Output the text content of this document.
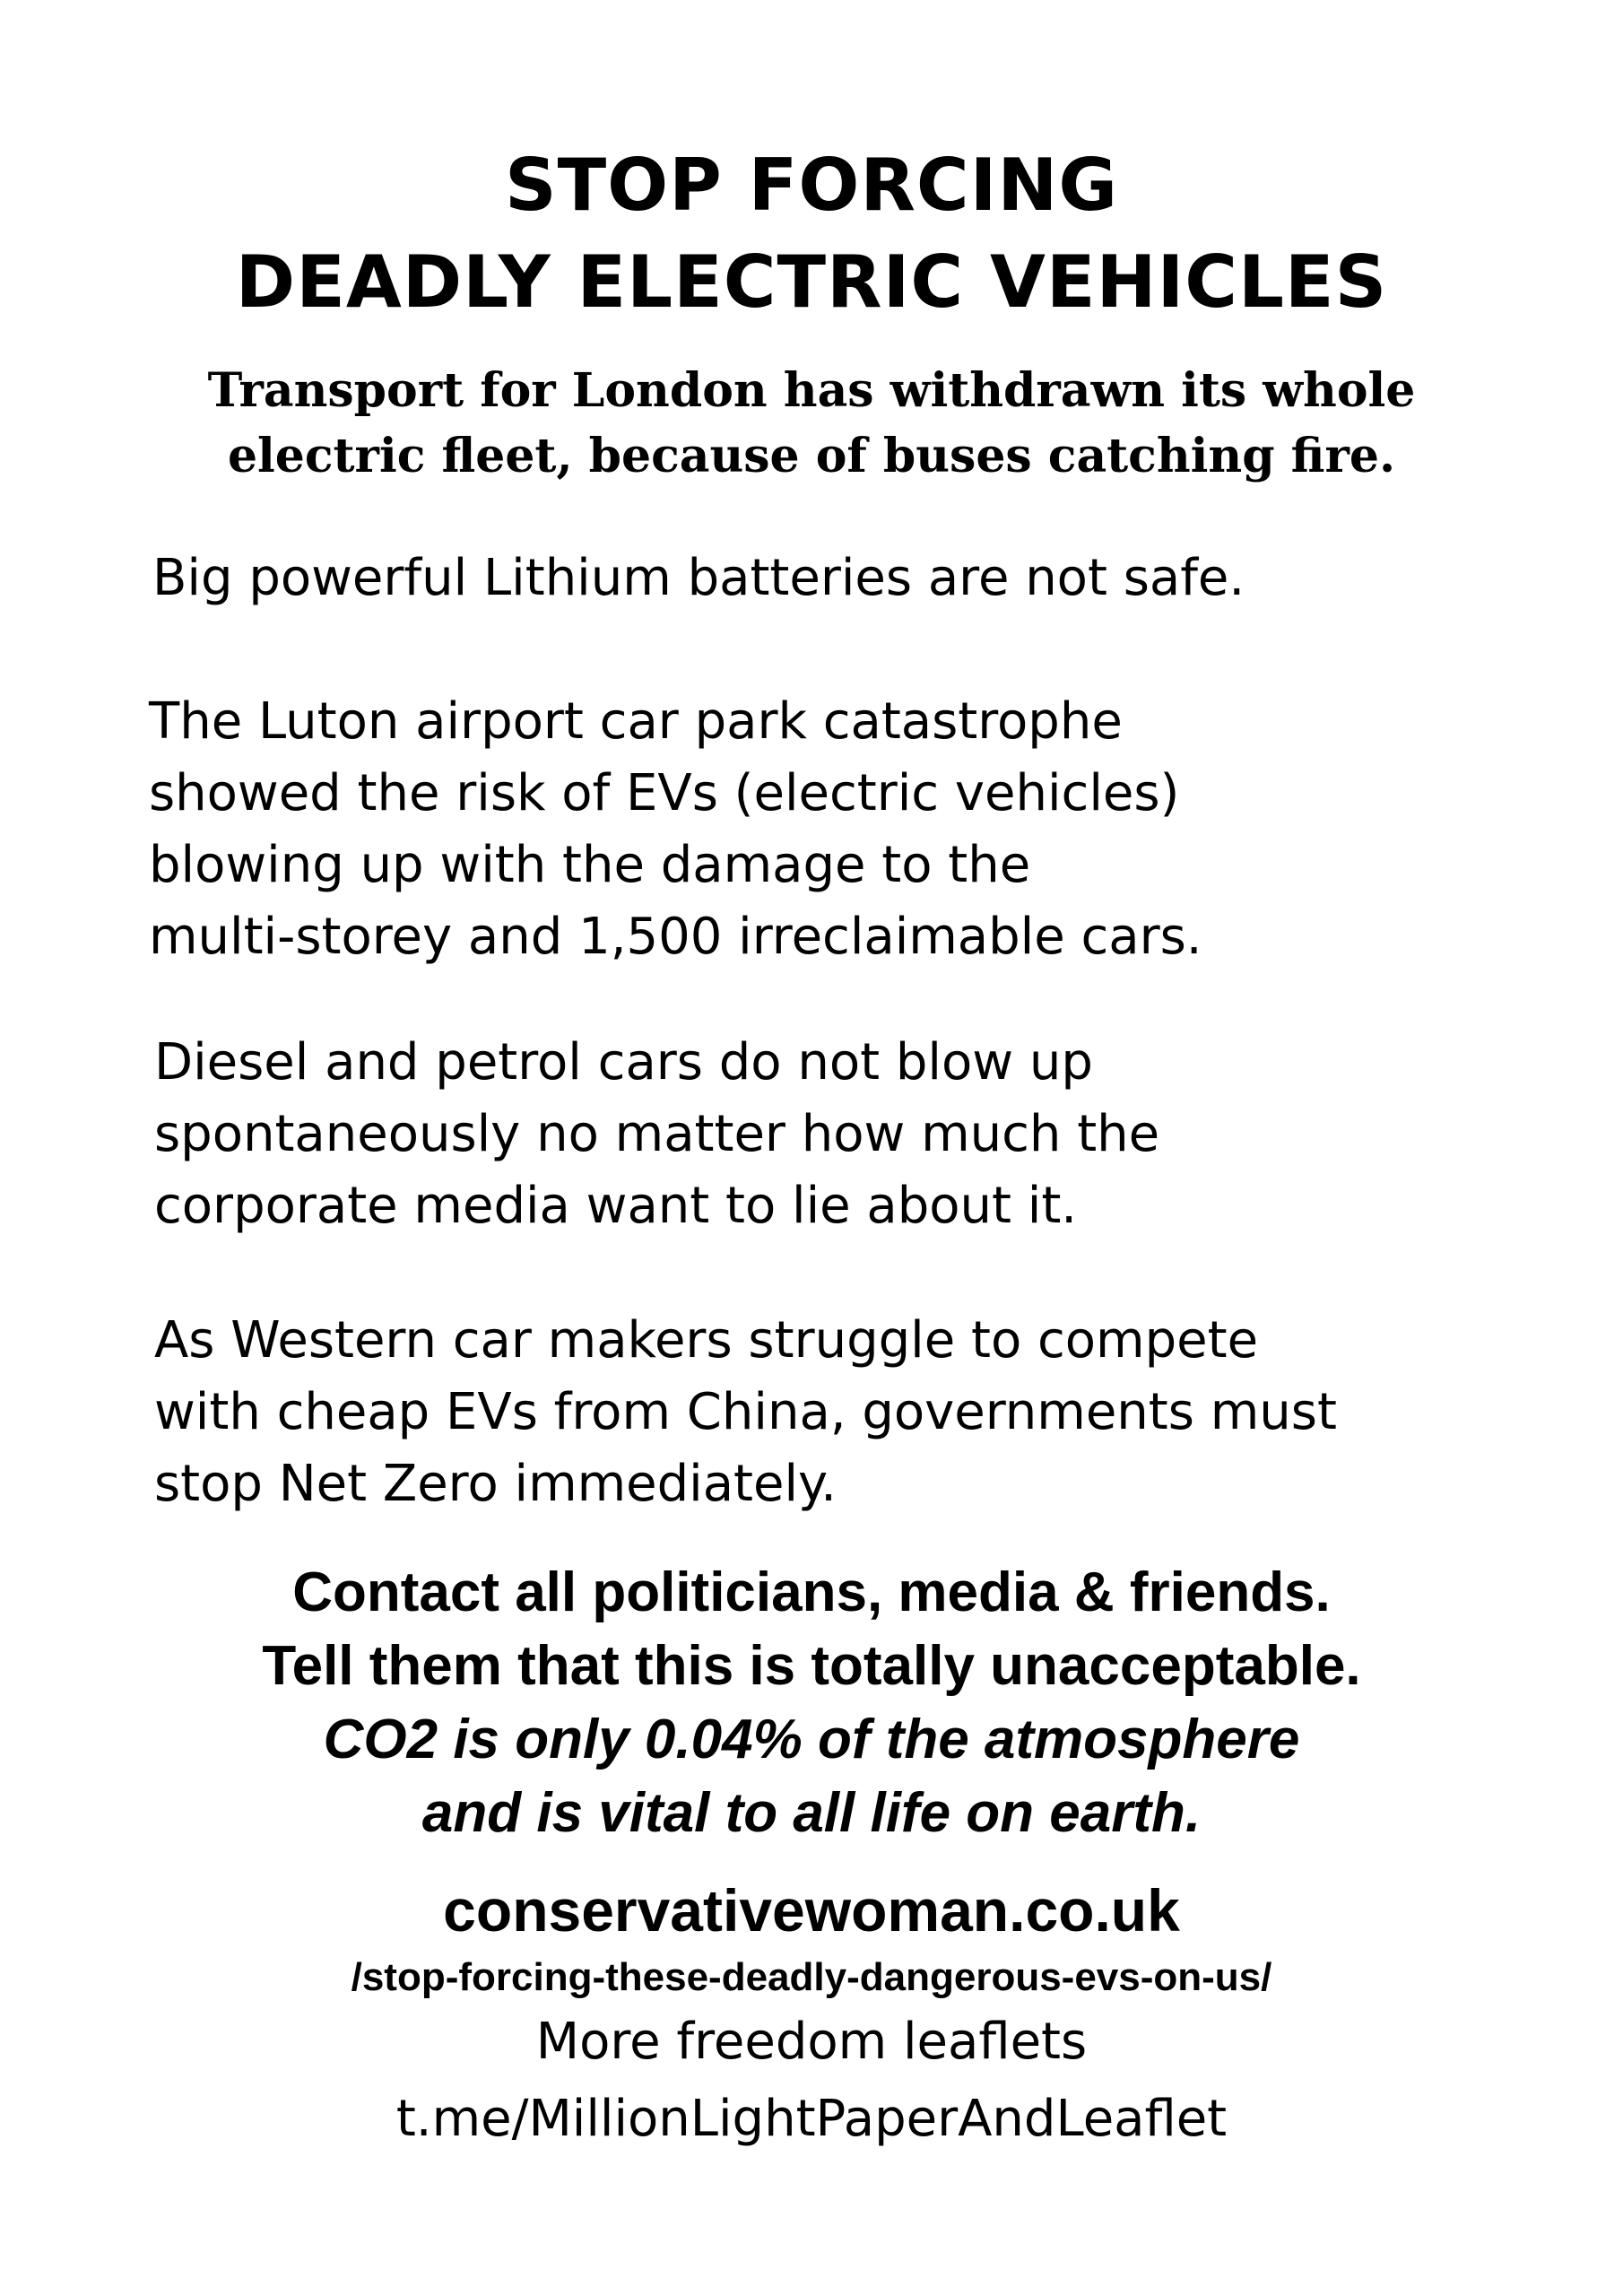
STOP FORCING

DEADLY ELECTRIC VEHICLES

Transport for London has withdrawn its whole

electric fleet, because of buses catching fire.

Big powerful Lithium batteries are not safe.

The Luton airport car park catastrophe

showed the risk of EVs (electric vehicles)

blowing up with the damage to the

multi-storey and 1,500 irreclaimable cars.

Diesel and petrol cars do not blow up

spontaneously no matter how much the

corporate media want to lie about it.

As Western car makers struggle to compete

with cheap EVs from China, governments must

stop Net Zero immediately.

Contact all politicians, media & friends.

Tell them that this is totally unacceptable.

CO2 is only 0.04% of the atmosphere

and is vital to all life on earth.

conservativewoman.co.uk

/stop-forcing-these-deadly-dangerous-evs-on-us/

More freedom leaflets

t.me/MillionLightPaperAndLeaflet
